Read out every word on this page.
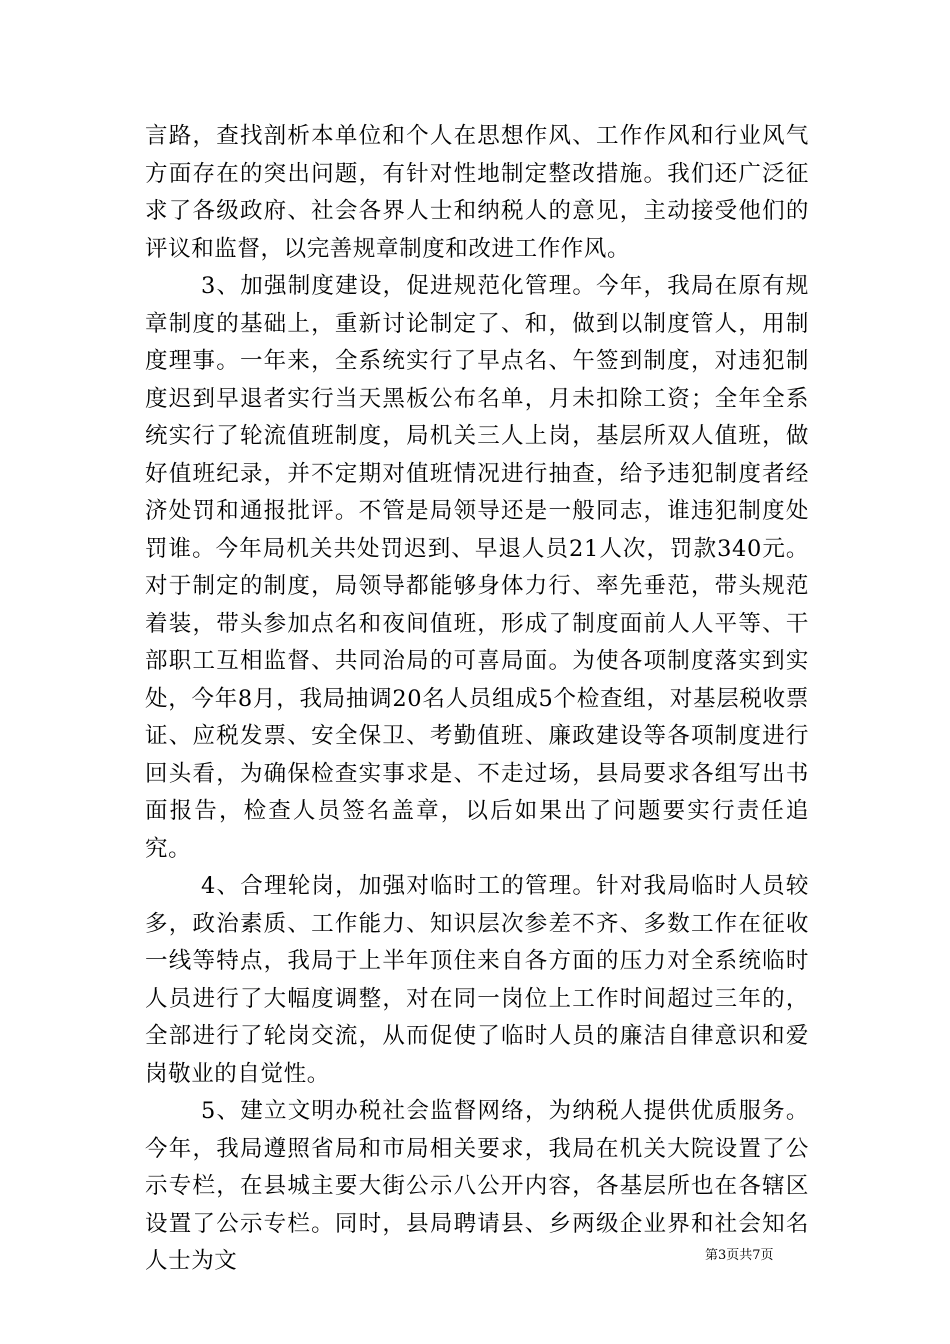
言路，查找剖析本单位和个人在思想作风、工作作风和行业风气方面存在的突出问题，有针对性地制定整改措施。我们还广泛征求了各级政府、社会各界人士和纳税人的意见，主动接受他们的评议和监督，以完善规章制度和改进工作作风。

3、加强制度建设，促进规范化管理。今年，我局在原有规章制度的基础上，重新讨论制定了、和，做到以制度管人，用制度理事。一年来，全系统实行了早点名、午签到制度，对违犯制度迟到早退者实行当天黑板公布名单，月未扣除工资；全年全系统实行了轮流值班制度，局机关三人上岗，基层所双人值班，做好值班纪录，并不定期对值班情况进行抽查，给予违犯制度者经济处罚和通报批评。不管是局领导还是一般同志，谁违犯制度处罚谁。今年局机关共处罚迟到、早退人员21人次，罚款340元。对于制定的制度，局领导都能够身体力行、率先垂范，带头规范着装，带头参加点名和夜间值班，形成了制度面前人人平等、干部职工互相监督、共同治局的可喜局面。为使各项制度落实到实处，今年8月，我局抽调20名人员组成5个检查组，对基层税收票证、应税发票、安全保卫、考勤值班、廉政建设等各项制度进行回头看，为确保检查实事求是、不走过场，县局要求各组写出书面报告，检查人员签名盖章，以后如果出了问题要实行责任追究。

4、合理轮岗，加强对临时工的管理。针对我局临时人员较多，政治素质、工作能力、知识层次参差不齐、多数工作在征收一线等特点，我局于上半年顶住来自各方面的压力对全系统临时人员进行了大幅度调整，对在同一岗位上工作时间超过三年的，全部进行了轮岗交流，从而促使了临时人员的廉洁自律意识和爱岗敬业的自觉性。

5、建立文明办税社会监督网络，为纳税人提供优质服务。今年，我局遵照省局和市局相关要求，我局在机关大院设置了公示专栏，在县城主要大街公示八公开内容，各基层所也在各辖区设置了公示专栏。同时，县局聘请县、乡两级企业界和社会知名人士为文	第3页共7页
